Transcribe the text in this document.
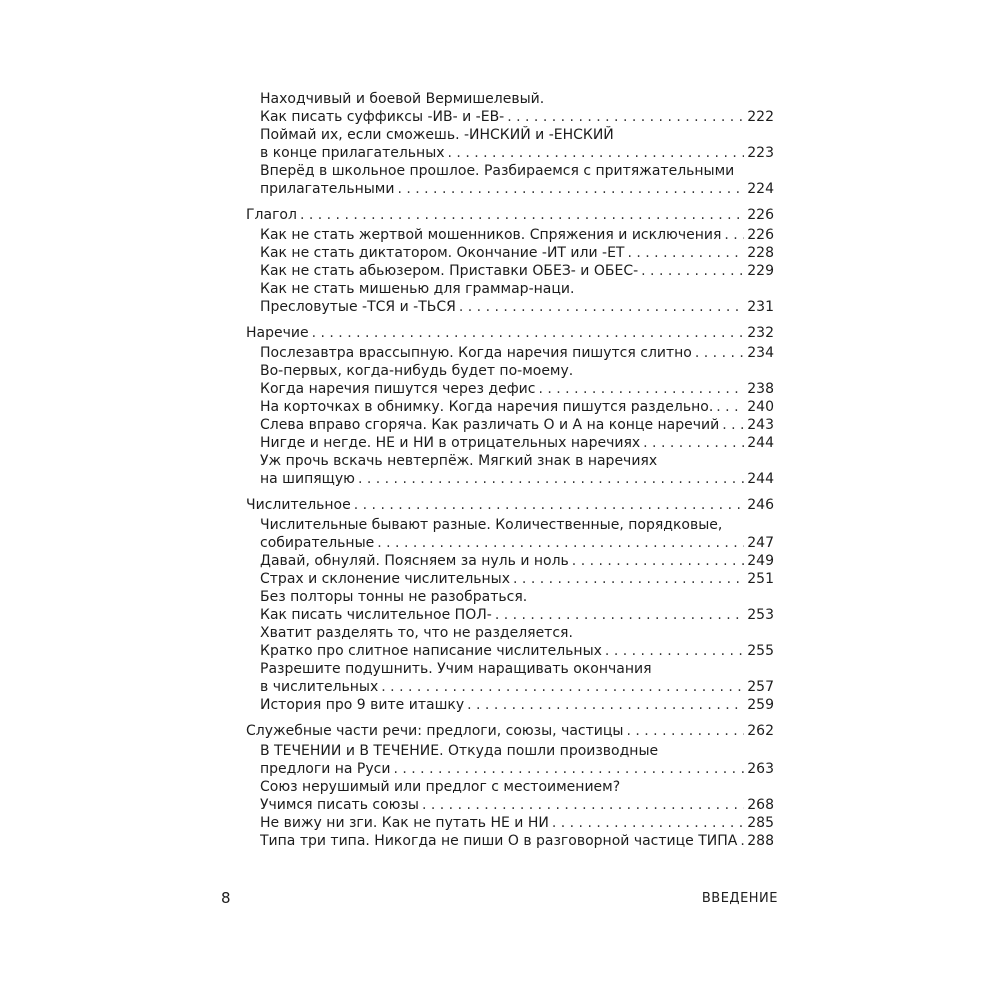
Находчивый и боевой Вермишелевый.
Как писать суффиксы -ИВ- и -ЕВ- . . .	222
Поймай их, если сможешь. -ИНСКИЙ и -ЕНСКИЙ
в конце прилагательных . . .	223
Вперёд в школьное прошлое. Разбираемся с притяжательными
прилагательными . . .	224
Глагол . . .	226
Как не стать жертвой мошенников. Спряжения и исключения . . . 226
Как не стать диктатором. Окончание -ИТ или -ЕТ . . .	228
Как не стать абьюзером. Приставки ОБЕЗ- и ОБЕС- . . .	229
Как не стать мишенью для граммар-наци.
Пресловутые -ТСЯ и -ТЬСЯ . . .	231
Наречие . . .	232
Послезавтра врассыпную. Когда наречия пишутся слитно . . .	234
Во-первых, когда-нибудь будет по-моему.
Когда наречия пишутся через дефис . . .	238
На корточках в обнимку. Когда наречия пишутся раздельно. . . . 240
Слева вправо сгоряча. Как различать О и А на конце наречий . . . 243
Нигде и негде. НЕ и НИ в отрицательных наречиях . . .	244
Уж прочь вскачь невтерпёж. Мягкий знак в наречиях
на шипящую . . .	244
Числительное . . .	246
Числительные бывают разные. Количественные, порядковые,
собирательные . . .	247
Давай, обнуляй. Поясняем за нуль и ноль . . .	249
Страх и склонение числительных . . .	251
Без полторы тонны не разобраться.
Как писать числительное ПОЛ- . . .	253
Хватит разделять то, что не разделяется.
Кратко про слитное написание числительных . . .	255
Разрешите подушнить. Учим наращивать окончания
в числительных . . .	257
История про 9 вите иташку . . .	259
Служебные части речи: предлоги, союзы, частицы . . .	262
В ТЕЧЕНИИ и В ТЕЧЕНИЕ. Откуда пошли производные
предлоги на Руси . . .	263
Союз нерушимый или предлог с местоимением?
Учимся писать союзы . . .	268
Не вижу ни зги. Как не путать НЕ и НИ . . .	285
Типа три типа. Никогда не пиши О в разговорной частице ТИПА . . . 288
8	ВВЕДЕНИЕ
